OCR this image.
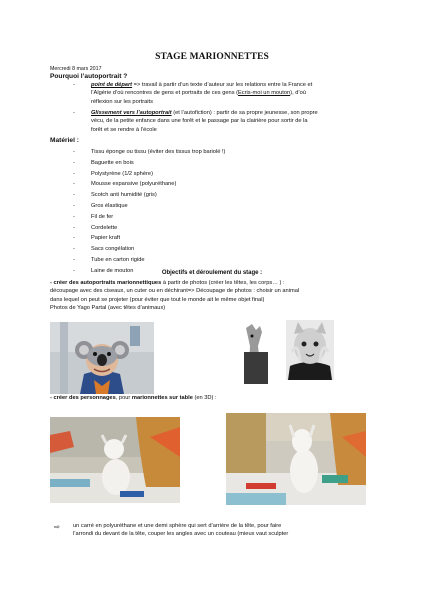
STAGE MARIONNETTES
Mercredi 8 mars 2017
Pourquoi l’autoportrait ?
-	point de départ => travail à partir d’un texte d’auteur sur les relations entre la France et
l’Algérie d’où rencontres de gens et portraits de ces gens (Ecris-moi un mouton), d’où
réflexion sur les portraits
-	Glissement vers l’autoportrait (et l’autofiction) : partir de sa propre jeunesse, son propre
vécu, de la petite enfance dans une forêt et le passage par la clairière pour sortir de la
forêt et se rendre à l’école
Matériel :
- Tissu éponge ou tissu (éviter des tissus trop bariolé !)
- Baguette en bois
- Polystyrène (1/2 sphère)
- Mousse expansive (polyuréthane)
- Scotch anti humidité (gris)
- Gros élastique
- Fil de fer
- Cordelette
- Papier kraft
- Sacs congélation
- Tube en carton rigide
- Laine de mouton	Objectifs et déroulement du stage :
- créer des autoportraits marionnettiques à partir de photos (créer les têtes, les corps… ) :
découpage avec des ciseaux, un cuter ou en déchirant=> Découpage de photos : choisir un animal
dans lequel on peut se projeter (pour éviter que tout le monde ait le même objet final)
Photos de Yago Partal (avec têtes d’animaux)
- créer des personnages, pour marionnettes sur table (en 3D) :
⇨ un carré en polyuréthane et une demi sphère qui sert d’arrière de la tête, pour faire
l’arrondi du devant de la tête, couper les angles avec un couteau (mieux vaut sculpter
